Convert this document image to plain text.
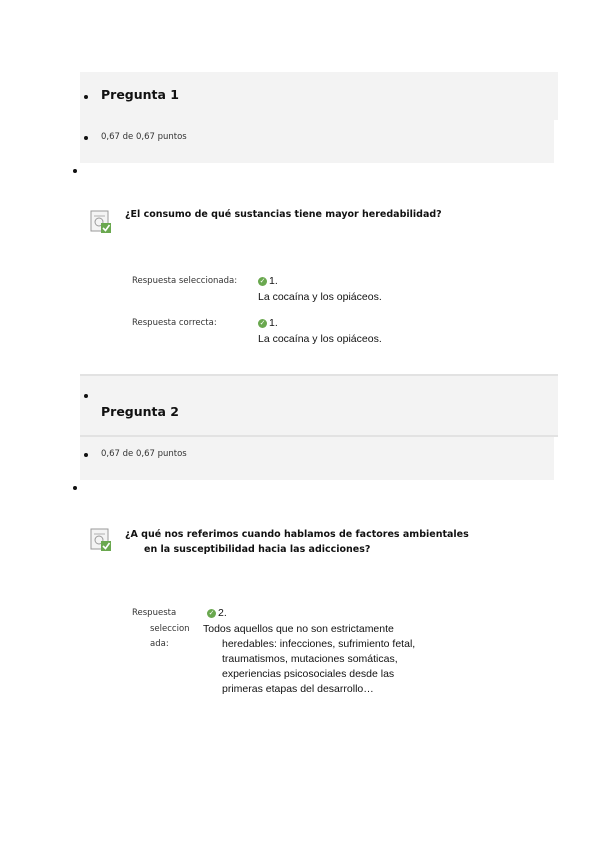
Pregunta 1
0,67 de 0,67 puntos
¿El consumo de qué sustancias tiene mayor heredabilidad?
Respuesta seleccionada:	✓ 1.
La cocaína y los opiáceos.
Respuesta correcta:	✓ 1.
La cocaína y los opiáceos.
Pregunta 2
0,67 de 0,67 puntos
¿A qué nos referimos cuando hablamos de factores ambientales
en la susceptibilidad hacia las adicciones?
Respuesta
seleccion
ada:
✓ 2.
Todos aquellos que no son estrictamente
heredables: infecciones, sufrimiento fetal,
traumatismos, mutaciones somáticas,
experiencias psicosociales desde las
primeras etapas del desarrollo…
